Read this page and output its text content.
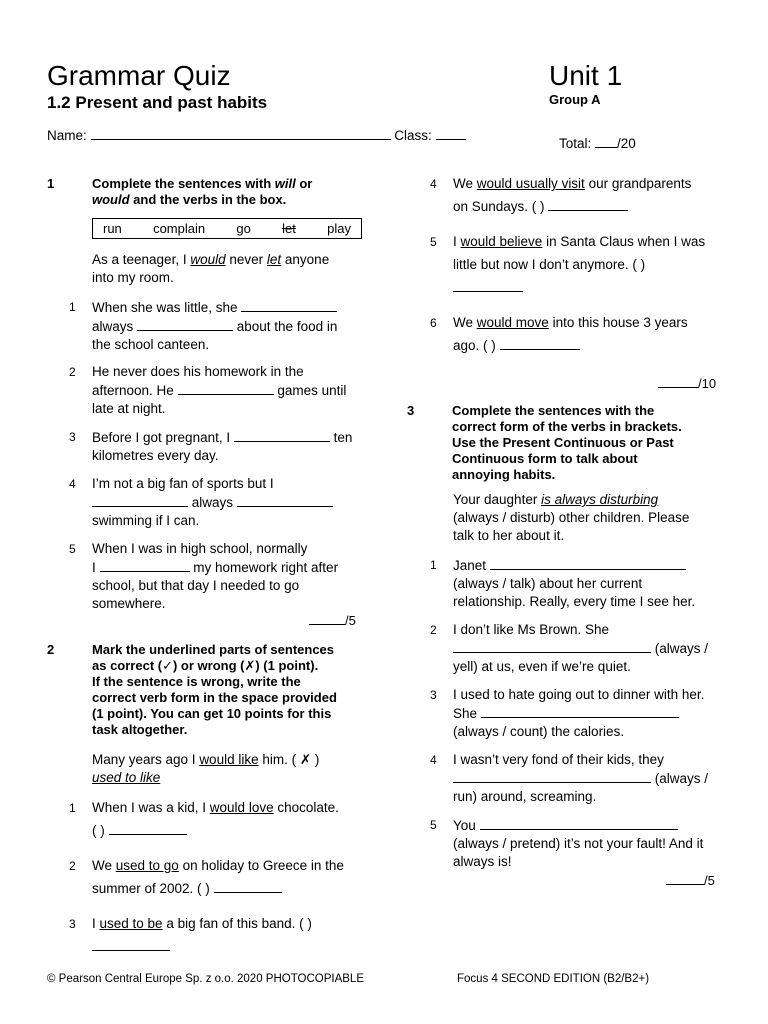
Grammar Quiz
1.2 Present and past habits
Unit 1
Group A
Name:	Class:
Total: /20
1	Complete the sentences with will or
would and the verbs in the box.
run complain go let play
As a teenager, I would never let anyone
into my room.
1 When she was little, she
always	about the food in
the school canteen.
2 He never does his homework in the
afternoon. He	games until
late at night.
3 Before I got pregnant, I	ten
kilometres every day.
4 I’m not a big fan of sports but I
always
swimming if I can.
5 When I was in high school, normally
I	my homework right after
school, but that day I needed to go
somewhere.
/5
2	Mark the underlined parts of sentences
as correct (✓) or wrong (✗) (1 point).
If the sentence is wrong, write the
correct verb form in the space provided
(1 point). You can get 10 points for this
task altogether.
Many years ago I would like him. ( ✗ )
used to like
1 When I was a kid, I would love chocolate.
( )
2 We used to go on holiday to Greece in the
summer of 2002. ( )
3 I used to be a big fan of this band. ( )

4 We would usually visit our grandparents
on Sundays. ( )
5 I would believe in Santa Claus when I was
little but now I don’t anymore. ( )

6 We would move into this house 3 years
ago. ( )
/10
3	Complete the sentences with the
correct form of the verbs in brackets.
Use the Present Continuous or Past
Continuous form to talk about
annoying habits.
Your daughter is always disturbing
(always / disturb) other children. Please
talk to her about it.
1 Janet
(always / talk) about her current
relationship. Really, every time I see her.
2 I don’t like Ms Brown. She
(always /
yell) at us, even if we’re quiet.
3 I used to hate going out to dinner with her.
She
(always / count) the calories.
4 I wasn’t very fond of their kids, they
(always /
run) around, screaming.
5 You
(always / pretend) it’s not your fault! And it
always is!
/5
© Pearson Central Europe Sp. z o.o. 2020 PHOTOCOPIABLE	Focus 4 SECOND EDITION (B2/B2+)
